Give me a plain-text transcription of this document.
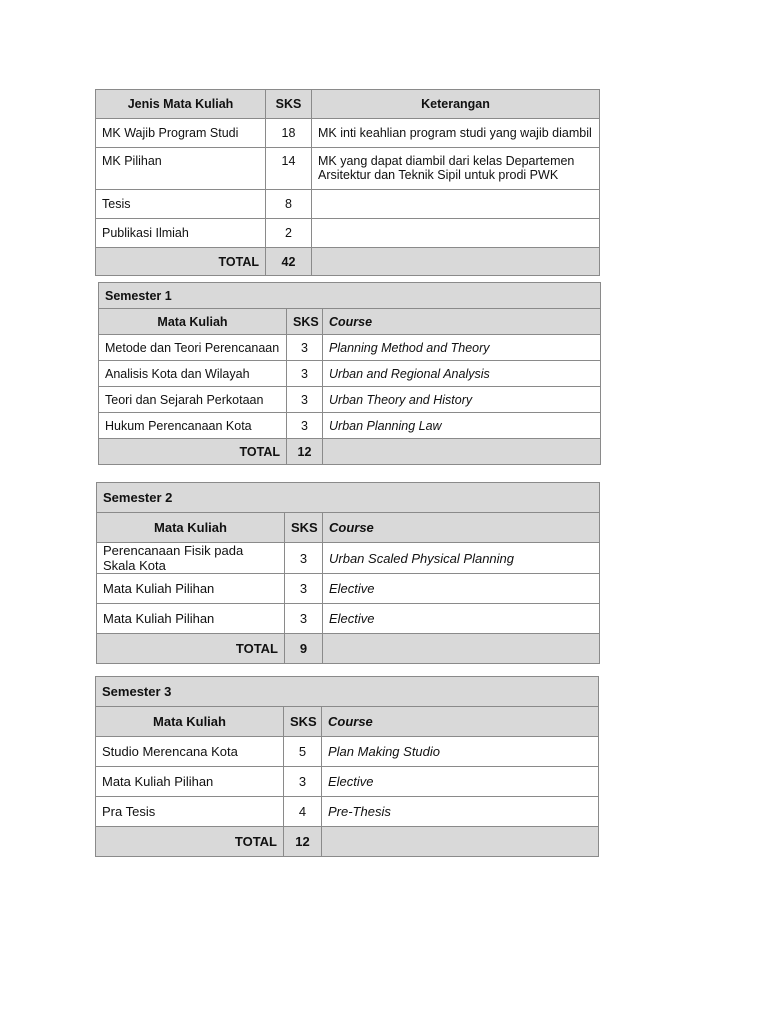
Jenis Mata Kuliah	SKS	Keterangan
MK Wajib Program Studi	18	MK inti keahlian program studi yang wajib diambil
MK Pilihan	14	MK yang dapat diambil dari kelas Departemen Arsitektur dan Teknik Sipil untuk prodi PWK
Tesis	8	
Publikasi Ilmiah	2	
TOTAL	42	
Semester 1		
Mata Kuliah	SKS	Course
Metode dan Teori Perencanaan	3	Planning Method and Theory
Analisis Kota dan Wilayah	3	Urban and Regional Analysis
Teori dan Sejarah Perkotaan	3	Urban Theory and History
Hukum Perencanaan Kota	3	Urban Planning Law
TOTAL	12	
Semester 2		
Mata Kuliah	SKS	Course
Perencanaan Fisik pada Skala Kota	3	Urban Scaled Physical Planning
Mata Kuliah Pilihan	3	Elective
Mata Kuliah Pilihan	3	Elective
TOTAL	9	
Semester 3		
Mata Kuliah	SKS	Course
Studio Merencana Kota	5	Plan Making Studio
Mata Kuliah Pilihan	3	Elective
Pra Tesis	4	Pre-Thesis
TOTAL	12	
